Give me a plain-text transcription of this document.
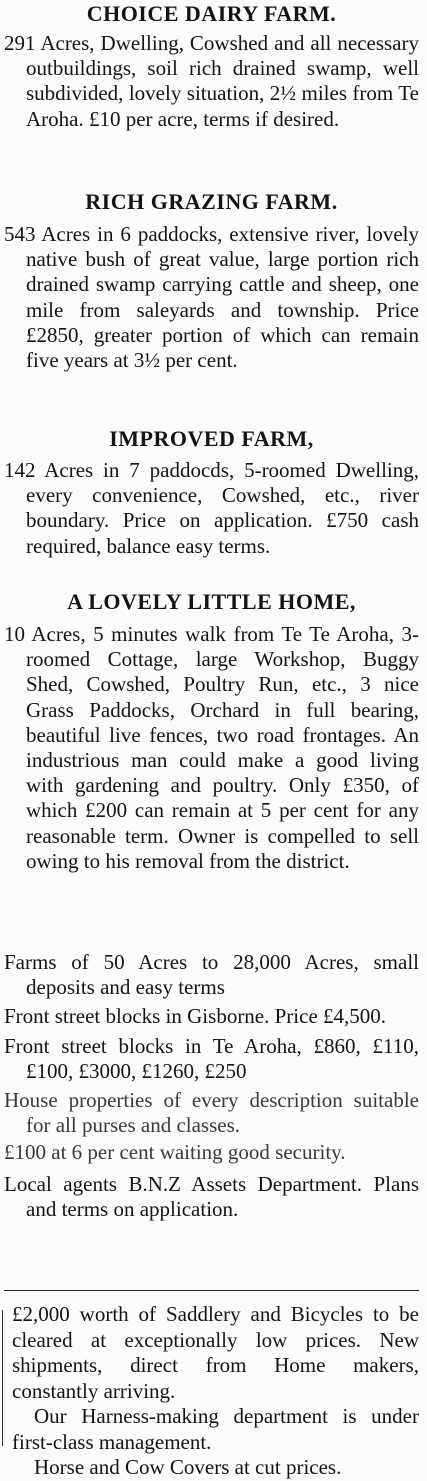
CHOICE DAIRY FARM.

291 Acres, Dwelling, Cowshed and all necessary outbuildings, soil rich drained swamp, well subdivided, lovely situation, 2½ miles from Te Aroha. £10 per acre, terms if desired.

RICH GRAZING FARM.

543 Acres in 6 paddocks, extensive river, lovely native bush of great value, large portion rich drained swamp carrying cattle and sheep, one mile from saleyards and township. Price £2850, greater portion of which can remain five years at 3½ per cent.

IMPROVED FARM,

142 Acres in 7 paddocds, 5-roomed Dwelling, every convenience, Cowshed, etc., river boundary. Price on application. £750 cash required, balance easy terms.

A LOVELY LITTLE HOME,

10 Acres, 5 minutes walk from Te Te Aroha, 3-roomed Cottage, large Workshop, Buggy Shed, Cowshed, Poultry Run, etc., 3 nice Grass Paddocks, Orchard in full bearing, beautiful live fences, two road frontages. An industrious man could make a good living with gardening and poultry. Only £350, of which £200 can remain at 5 per cent for any reasonable term. Owner is compelled to sell owing to his removal from the district.

Farms of 50 Acres to 28,000 Acres, small deposits and easy terms

Front street blocks in Gisborne. Price £4,500.

Front street blocks in Te Aroha, £860, £110, £100, £3000, £1260, £250

House properties of every description suitable for all purses and classes.

£100 at 6 per cent waiting good security.

Local agents B.N.Z Assets Department. Plans and terms on application.

£2,000 worth of Saddlery and Bicycles to be cleared at exceptionally low prices. New shipments, direct from Home makers, constantly arriving.

Our Harness-making department is under first-class management.

Horse and Cow Covers at cut prices.
